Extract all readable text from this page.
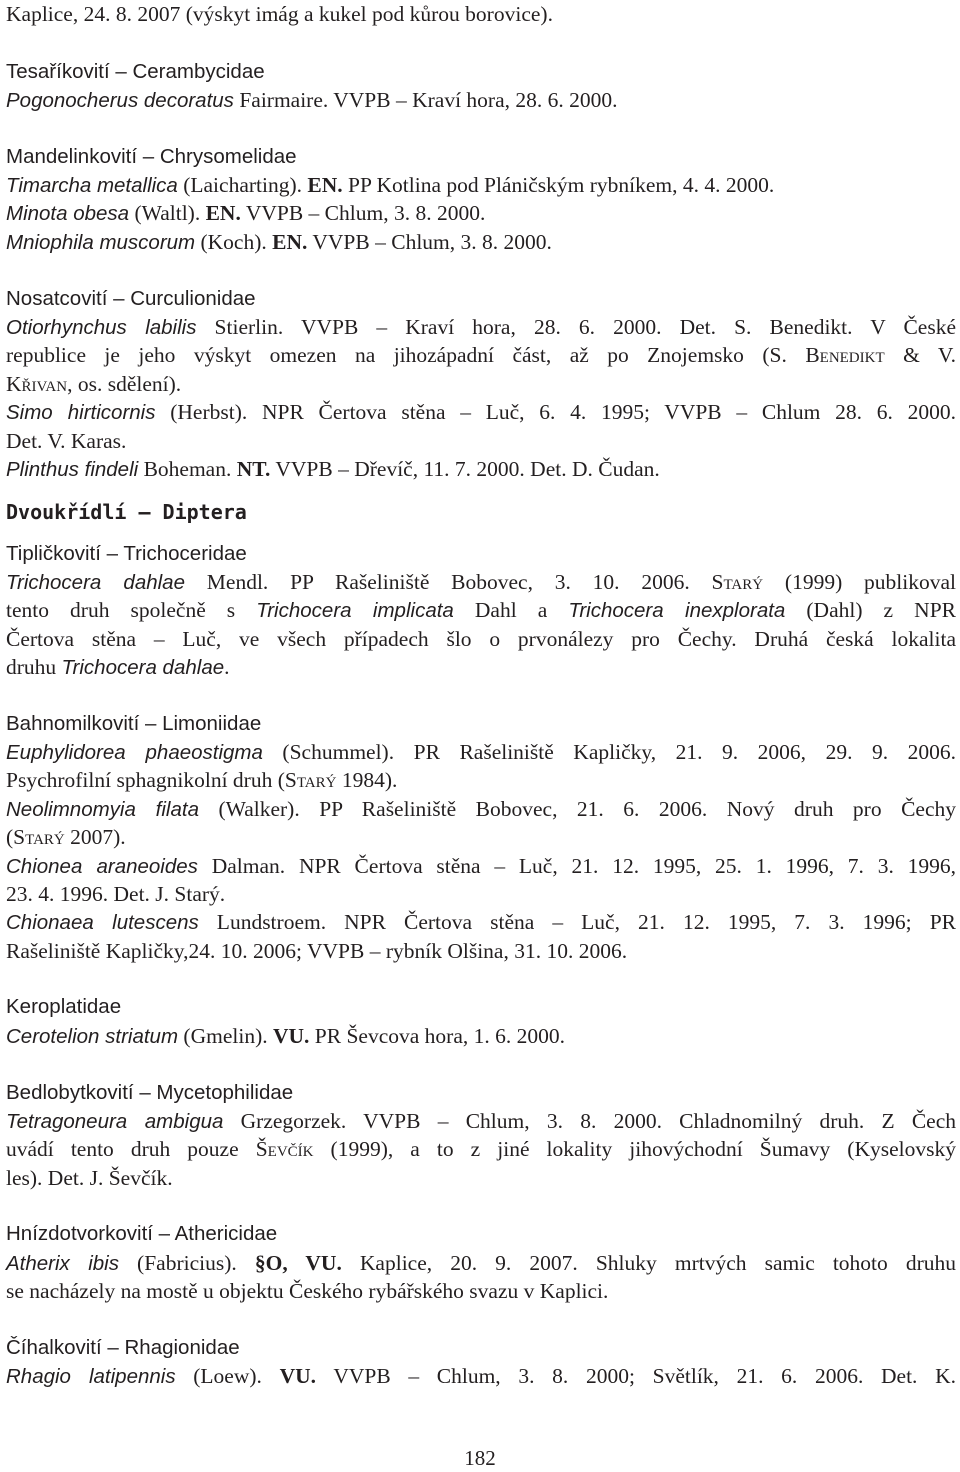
Kaplice, 24. 8. 2007 (výskyt imág a kukel pod kůrou borovice).
Tesaříkovití – Cerambycidae
Pogonocherus decoratus Fairmaire. VVPB – Kraví hora, 28. 6. 2000.
Mandelinkovití – Chrysomelidae
Timarcha metallica (Laicharting). EN. PP Kotlina pod Pláničským rybníkem, 4. 4. 2000.
Minota obesa (Waltl). EN. VVPB – Chlum, 3. 8. 2000.
Mniophila muscorum (Koch). EN. VVPB – Chlum, 3. 8. 2000.
Nosatcovití – Curculionidae
Otiorhynchus labilis Stierlin. VVPB – Kraví hora, 28. 6. 2000. Det. S. Benedikt. V České
republice je jeho výskyt omezen na jihozápadní část, až po Znojemsko (S. Benedikt & V.
Křivan, os. sdělení).
Simo hirticornis (Herbst). NPR Čertova stěna – Luč, 6. 4. 1995; VVPB – Chlum 28. 6. 2000.
Det. V. Karas.
Plinthus findeli Boheman. NT. VVPB – Dřevíč, 11. 7. 2000. Det. D. Čudan.
Dvoukřídlí – Diptera
Tipličkovití – Trichoceridae
Trichocera dahlae Mendl. PP Rašeliniště Bobovec, 3. 10. 2006. Starý (1999) publikoval
tento druh společně s Trichocera implicata Dahl a Trichocera inexplorata (Dahl) z NPR
Čertova stěna – Luč, ve všech případech šlo o prvonálezy pro Čechy. Druhá česká lokalita
druhu Trichocera dahlae.
Bahnomilkovití – Limoniidae
Euphylidorea phaeostigma (Schummel). PR Rašeliniště Kapličky, 21. 9. 2006, 29. 9. 2006.
Psychrofilní sphagnikolní druh (Starý 1984).
Neolimnomyia filata (Walker). PP Rašeliniště Bobovec, 21. 6. 2006. Nový druh pro Čechy
(Starý 2007).
Chionea araneoides Dalman. NPR Čertova stěna – Luč, 21. 12. 1995, 25. 1. 1996, 7. 3. 1996,
23. 4. 1996. Det. J. Starý.
Chionaea lutescens Lundstroem. NPR Čertova stěna – Luč, 21. 12. 1995, 7. 3. 1996; PR
Rašeliniště Kapličky,24. 10. 2006; VVPB – rybník Olšina, 31. 10. 2006.
Keroplatidae
Cerotelion striatum (Gmelin). VU. PR Ševcova hora, 1. 6. 2000.
Bedlobytkovití – Mycetophilidae
Tetragoneura ambigua Grzegorzek. VVPB – Chlum, 3. 8. 2000. Chladnomilný druh. Z Čech
uvádí tento druh pouze Ševčík (1999), a to z jiné lokality jihovýchodní Šumavy (Kyselovský
les). Det. J. Ševčík.
Hnízdotvorkovití – Athericidae
Atherix ibis (Fabricius). §O, VU. Kaplice, 20. 9. 2007. Shluky mrtvých samic tohoto druhu
se nacházely na mostě u objektu Českého rybářského svazu v Kaplici.
Číhalkovití – Rhagionidae
Rhagio latipennis (Loew). VU. VVPB – Chlum, 3. 8. 2000; Světlík, 21. 6. 2006. Det. K.
182
